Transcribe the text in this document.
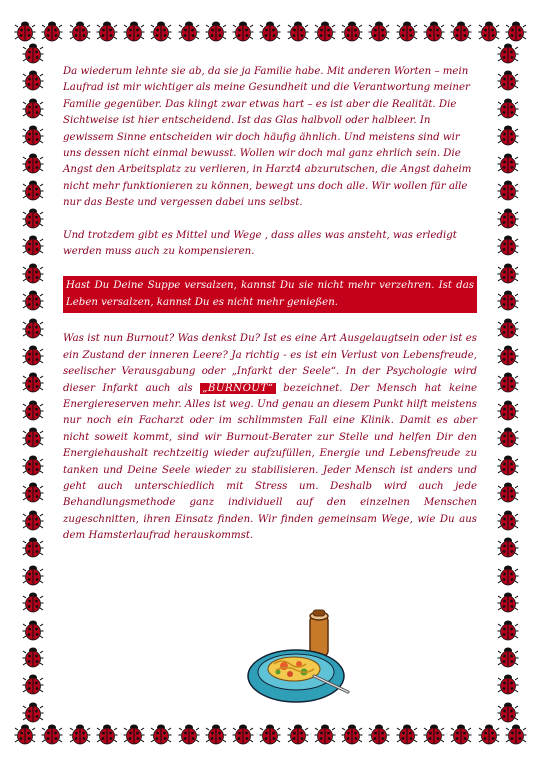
Da wiederum lehnte sie ab, da sie ja Familie habe. Mit anderen Worten – mein Laufrad ist mir wichtiger als meine Gesundheit und die Verantwortung meiner Familie gegenüber. Das klingt zwar etwas hart – es ist aber die Realität. Die Sichtweise ist hier entscheidend. Ist das Glas halbvoll oder halbleer. In gewissem Sinne entscheiden wir doch häufig ähnlich. Und meistens sind wir uns dessen nicht einmal bewusst. Wollen wir doch mal ganz ehrlich sein. Die Angst den Arbeitsplatz zu verlieren, in Harzt4 abzurutschen, die Angst daheim nicht mehr funktionieren zu können, bewegt uns doch alle. Wir wollen für alle nur das Beste und vergessen dabei uns selbst.

Und trotzdem gibt es Mittel und Wege , dass alles was ansteht, was erledigt werden muss auch zu kompensieren.

Hast Du Deine Suppe versalzen, kannst Du sie nicht mehr verzehren. Ist das Leben versalzen, kannst Du es nicht mehr genießen.

Was ist nun Burnout? Was denkst Du? Ist es eine Art Ausgelaugtsein oder ist es ein Zustand der inneren Leere? Ja richtig - es ist ein Verlust von Lebensfreude, seelischer Verausgabung oder „Infarkt der Seele“. In der Psychologie wird dieser Infarkt auch als „BURNOUT“ bezeichnet. Der Mensch hat keine Energiereserven mehr. Alles ist weg. Und genau an diesem Punkt hilft meistens nur noch ein Facharzt oder im schlimmsten Fall eine Klinik. Damit es aber nicht soweit kommt, sind wir Burnout-Berater zur Stelle und helfen Dir den Energiehaushalt rechtzeitig wieder aufzufüllen, Energie und Lebensfreude zu tanken und Deine Seele wieder zu stabilisieren. Jeder Mensch ist anders und geht auch unterschiedlich mit Stress um. Deshalb wird auch jede Behandlungsmethode ganz individuell auf den einzelnen Menschen zugeschnitten, ihren Einsatz finden. Wir finden gemeinsam Wege, wie Du aus dem Hamsterlaufrad herauskommst.
